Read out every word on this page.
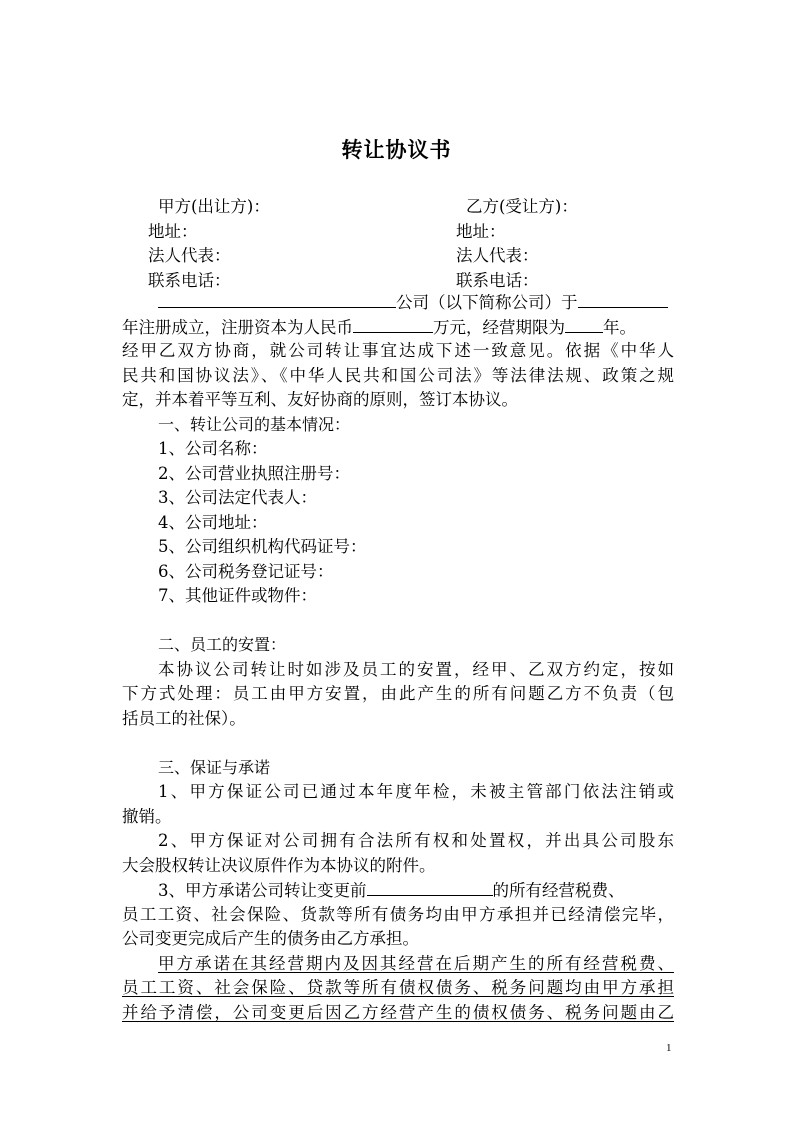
转让协议书
甲方(出让方)：	乙方(受让方)：
地址：	地址：
法人代表：	法人代表：
联系电话：	联系电话：
公司（以下简称公司）于
年注册成立，注册资本为人民币	万元，经营期限为 年。
经甲乙双方协商，就公司转让事宜达成下述一致意见。依据《中华人
民共和国协议法》、《中华人民共和国公司法》等法律法规、政策之规
定，并本着平等互利、友好协商的原则，签订本协议。
一、转让公司的基本情况：
1、公司名称：
2、公司营业执照注册号：
3、公司法定代表人：
4、公司地址：
5、公司组织机构代码证号：
6、公司税务登记证号：
7、其他证件或物件：
二、员工的安置：
本协议公司转让时如涉及员工的安置，经甲、乙双方约定，按如
下方式处理：员工由甲方安置，由此产生的所有问题乙方不负责（包
括员工的社保）。
三、保证与承诺
1、甲方保证公司已通过本年度年检，未被主管部门依法注销或
撤销。
2、甲方保证对公司拥有合法所有权和处置权，并出具公司股东
大会股权转让决议原件作为本协议的附件。
3、甲方承诺公司转让变更前	的所有经营税费、
员工工资、社会保险、货款等所有债务均由甲方承担并已经清偿完毕，
公司变更完成后产生的债务由乙方承担。
甲方承诺在其经营期内及因其经营在后期产生的所有经营税费、
员工工资、社会保险、贷款等所有债权债务、税务问题均由甲方承担
并给予清偿，公司变更后因乙方经营产生的债权债务、税务问题由乙
1
